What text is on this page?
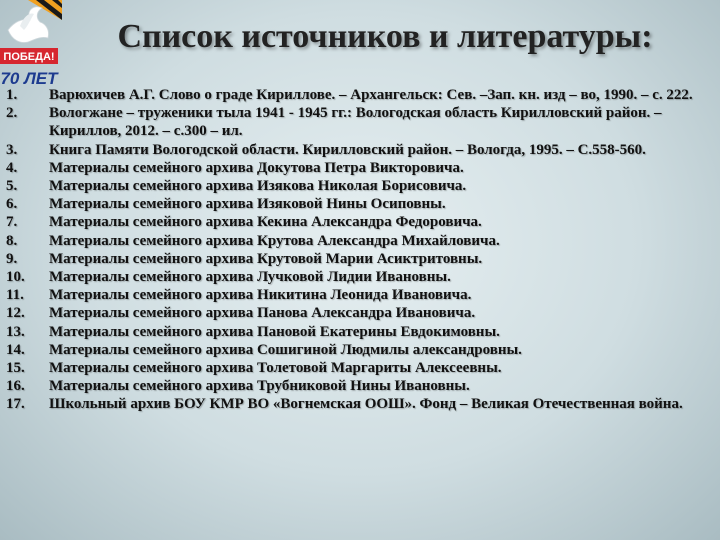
ПОБЕДА!
70 ЛЕТ
Список источников и литературы:
1.	Варюхичев А.Г. Слово о граде Кириллове. – Архангельск: Сев. –Зап. кн. изд – во, 1990. – с. 222.
2.	Вологжане – труженики тыла 1941 - 1945 гг.: Вологодская область Кирилловский район. – Кириллов, 2012. – с.300 – ил.
3.	Книга Памяти Вологодской области. Кирилловский район. – Вологда, 1995. – С.558-560.
4.	Материалы семейного архива Докутова Петра Викторовича.
5.	Материалы семейного архива Изякова Николая Борисовича.
6.	Материалы семейного архива Изяковой Нины Осиповны.
7.	Материалы семейного архива Кекина Александра Федоровича.
8.	Материалы семейного архива Крутова Александра Михайловича.
9.	Материалы семейного архива Крутовой Марии Асиктритовны.
10.	Материалы семейного архива Лучковой Лидии Ивановны.
11.	Материалы семейного архива Никитина Леонида Ивановича.
12.	Материалы семейного архива Панова Александра Ивановича.
13.	Материалы семейного архива Пановой Екатерины Евдокимовны.
14.	Материалы семейного архива Сошигиной Людмилы александровны.
15.	Материалы семейного архива Толетовой Маргариты Алексеевны.
16.	Материалы семейного архива Трубниковой Нины Ивановны.
17.	Школьный архив БОУ КМР ВО «Вогнемская ООШ». Фонд – Великая Отечественная война.
